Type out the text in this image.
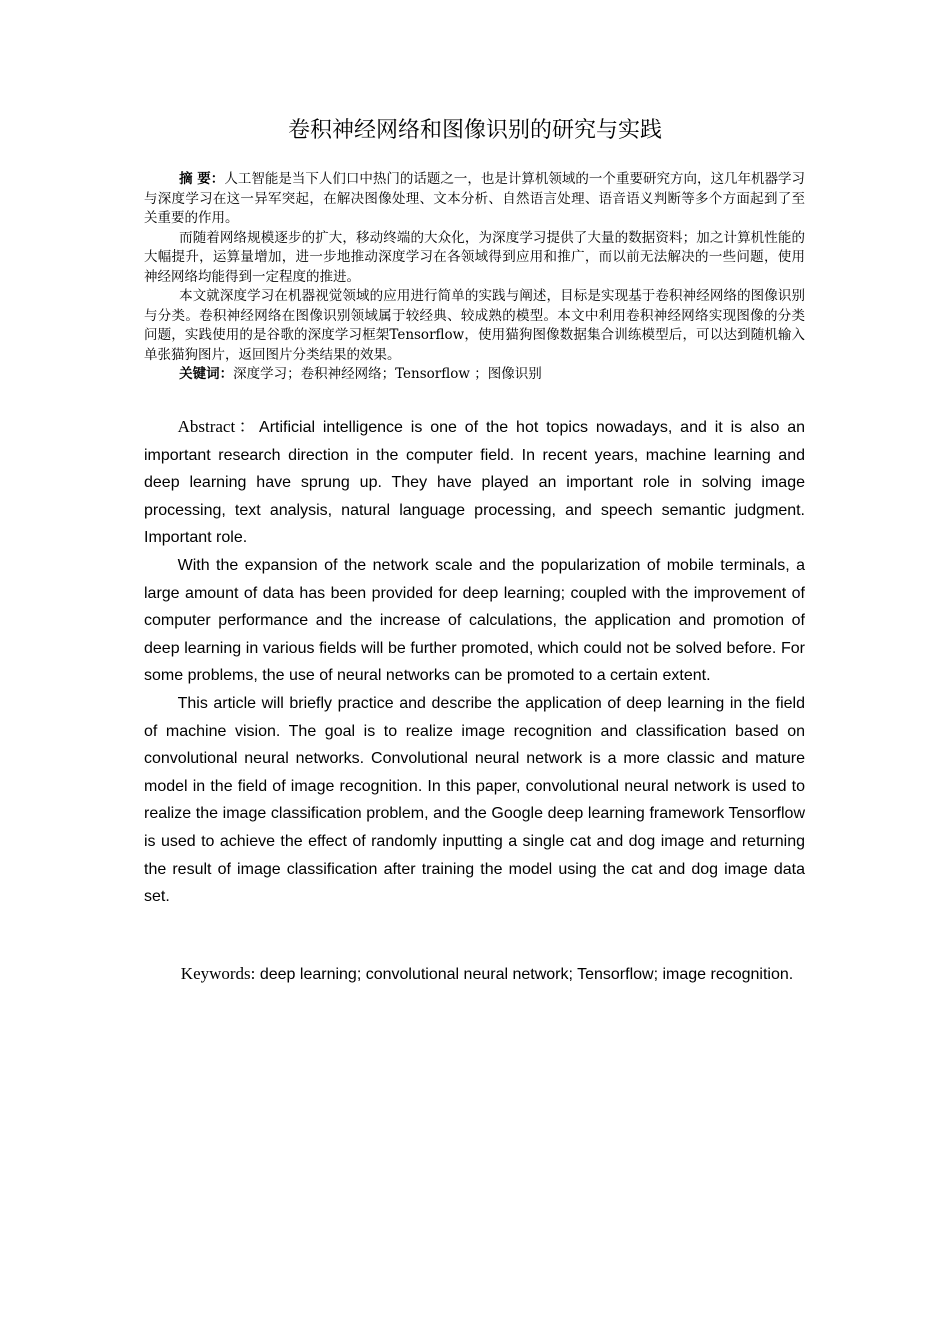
卷积神经网络和图像识别的研究与实践

摘 要：人工智能是当下人们口中热门的话题之一，也是计算机领域的一个重要研究方向，这几年机器学习与深度学习在这一异军突起，在解决图像处理、文本分析、自然语言处理、语音语义判断等多个方面起到了至关重要的作用。

而随着网络规模逐步的扩大，移动终端的大众化，为深度学习提供了大量的数据资料；加之计算机性能的大幅提升，运算量增加，进一步地推动深度学习在各领域得到应用和推广，而以前无法解决的一些问题，使用神经网络均能得到一定程度的推进。

本文就深度学习在机器视觉领域的应用进行简单的实践与阐述，目标是实现基于卷积神经网络的图像识别与分类。卷积神经网络在图像识别领域属于较经典、较成熟的模型。本文中利用卷积神经网络实现图像的分类问题，实践使用的是谷歌的深度学习框架Tensorflow，使用猫狗图像数据集合训练模型后，可以达到随机输入单张猫狗图片，返回图片分类结果的效果。

关键词：深度学习；卷积神经网络；Tensorflow ；图像识别

Abstract：Artificial intelligence is one of the hot topics nowadays, and it is also an important research direction in the computer field. In recent years, machine learning and deep learning have sprung up. They have played an important role in solving image processing, text analysis, natural language processing, and speech semantic judgment. Important role.

With the expansion of the network scale and the popularization of mobile terminals, a large amount of data has been provided for deep learning; coupled with the improvement of computer performance and the increase of calculations, the application and promotion of deep learning in various fields will be further promoted, which could not be solved before. For some problems, the use of neural networks can be promoted to a certain extent.

This article will briefly practice and describe the application of deep learning in the field of machine vision. The goal is to realize image recognition and classification based on convolutional neural networks. Convolutional neural network is a more classic and mature model in the field of image recognition. In this paper, convolutional neural network is used to realize the image classification problem, and the Google deep learning framework Tensorflow is used to achieve the effect of randomly inputting a single cat and dog image and returning the result of image classification after training the model using the cat and dog image data set.

Keywords: deep learning; convolutional neural network; Tensorflow; image recognition.
